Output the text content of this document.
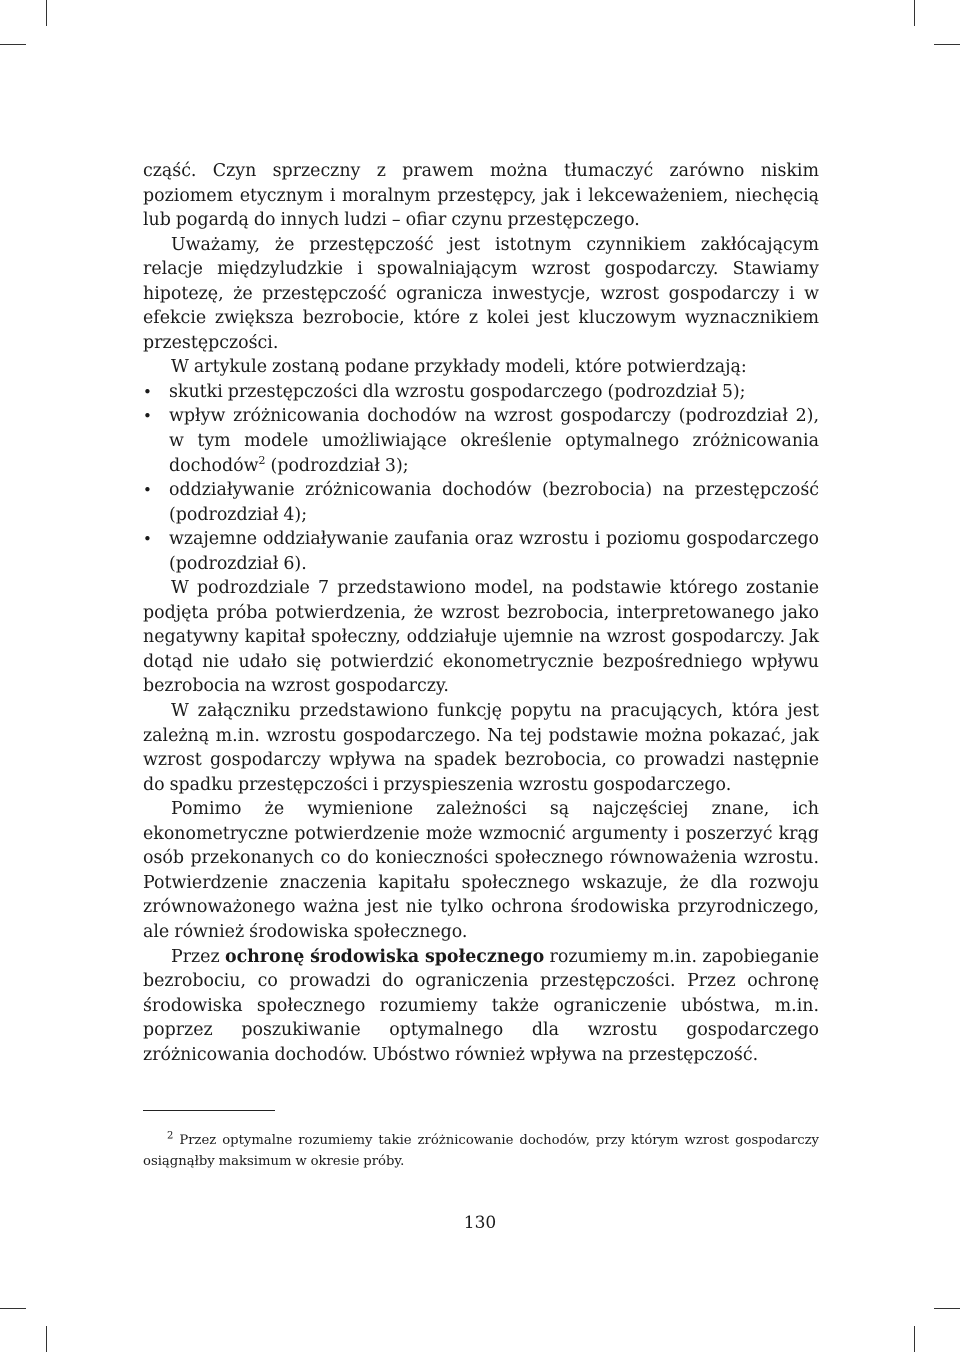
cząść. Czyn sprzeczny z prawem można tłumaczyć zarówno niskim poziomem etycznym i moralnym przestępcy, jak i lekceważeniem, niechęcią lub pogardą do innych ludzi – ofiar czynu przestępczego.

Uważamy, że przestępczość jest istotnym czynnikiem zakłócającym relacje międzyludzkie i spowalniającym wzrost gospodarczy. Stawiamy hipotezę, że przestępczość ogranicza inwestycje, wzrost gospodarczy i w efekcie zwiększa bezrobocie, które z kolei jest kluczowym wyznacznikiem przestępczości.

W artykule zostaną podane przykłady modeli, które potwierdzają:

• skutki przestępczości dla wzrostu gospodarczego (podrozdział 5);
• wpływ zróżnicowania dochodów na wzrost gospodarczy (podrozdział 2), w tym modele umożliwiające określenie optymalnego zróżnicowania dochodów$^2$ (podrozdział 3);
• oddziaływanie zróżnicowania dochodów (bezrobocia) na przestępczość (podrozdział 4);
• wzajemne oddziaływanie zaufania oraz wzrostu i poziomu gospodarczego (podrozdział 6).

W podrozdziale 7 przedstawiono model, na podstawie którego zostanie podjęta próba potwierdzenia, że wzrost bezrobocia, interpretowanego jako negatywny kapitał społeczny, oddziałuje ujemnie na wzrost gospodarczy. Jak dotąd nie udało się potwierdzić ekonometrycznie bezpośredniego wpływu bezrobocia na wzrost gospodarczy.

W załączniku przedstawiono funkcję popytu na pracujących, która jest zależną m.in. wzrostu gospodarczego. Na tej podstawie można pokazać, jak wzrost gospodarczy wpływa na spadek bezrobocia, co prowadzi następnie do spadku przestępczości i przyspieszenia wzrostu gospodarczego.

Pomimo że wymienione zależności są najczęściej znane, ich ekonometryczne potwierdzenie może wzmocnić argumenty i poszerzyć krąg osób przekonanych co do konieczności społecznego równoważenia wzrostu. Potwierdzenie znaczenia kapitału społecznego wskazuje, że dla rozwoju zrównoważonego ważna jest nie tylko ochrona środowiska przyrodniczego, ale również środowiska społecznego.

Przez ochronę środowiska społecznego rozumiemy m.in. zapobieganie bezrobociu, co prowadzi do ograniczenia przestępczości. Przez ochronę środowiska społecznego rozumiemy także ograniczenie ubóstwa, m.in. poprzez poszukiwanie optymalnego dla wzrostu gospodarczego zróżnicowania dochodów. Ubóstwo również wpływa na przestępczość.

$^2$ Przez optymalne rozumiemy takie zróżnicowanie dochodów, przy którym wzrost gospodarczy osiągnąłby maksimum w okresie próby.
130
